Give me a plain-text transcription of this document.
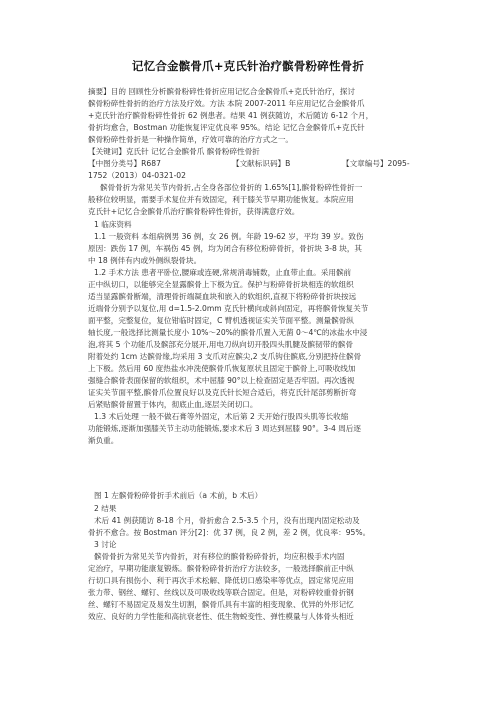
记忆合金髌骨爪+克氏针治疗髌骨粉碎性骨折
摘要】目的 回顾性分析髌骨粉碎性骨折应用记忆合金髌骨爪+克氏针治疗，探讨
髌骨粉碎性骨折的治疗方法及疗效。方法 本院 2007-2011 年应用记忆合金髌骨爪
+克氏针治疗髌骨粉碎性骨折 62 例患者。结果 41 例获随访，术后随访 6-12 个月，
骨折均愈合，Bostman 功能恢复评定优良率 95%。结论 记忆合金髌骨爪+克氏针
髌骨粉碎性骨折是一种操作简单，疗效可靠的治疗方式之一。
【关键词】克氏针 记忆合金髌骨爪 髌骨粉碎性骨折
【中图分类号】R687	【文献标识码】B	【文章编号】2095-
1752（2013）04-0321-02
髌骨骨折为常见关节内骨折,占全身各部位骨折的 1.65%[1],髌骨粉碎性骨折一
般移位较明显，需要手术复位并有效固定，利于膝关节早期功能恢复。本院应用
克氏针+记忆合金髌骨爪治疗髌骨粉碎性骨折，获得满意疗效。
1 临床资料
1.1 一般资料 本组病例男 36 例，女 26 例。年龄 19-62 岁，平均 39 岁。致伤
原因：跌伤 17 例，车祸伤 45 例，均为闭合有移位粉碎骨折，骨折块 3-8 块，其
中 18 例伴有内或外侧纵裂骨块。
1.2 手术方法 患者平卧位,腰麻或连硬,常规消毒铺数，止血带止血。采用髌前
正中纵切口，以能够完全显露髌骨上下极为宜。保护与粉碎骨折块相连的软组织
适当显露髌骨断端，清理骨折端凝血块和嵌入的软组织,直视下将粉碎骨折块按远
近端骨分别予以复位,用 d=1.5-2.0mm 克氏针横向或斜向固定，再将髌骨恢复关节
面平整，完整复位，复位钳临时固定，C 臂机透视证实关节面平整。测量髌骨纵
轴长度,一般选择比测量长度小 10%～20%的髌骨爪置入无菌 0～4℃的冰盐水中浸
泡,将其 5 个功能爪及髌部充分展开,用电刀纵向切开股四头肌腱及髌韧带的髌骨
附着处约 1cm 达髌骨缘,均采用 3 支爪对应髌尖,2 支爪钩住髌底,分别把持住髌骨
上下极。然后用 60 度热盐水冲洗使髌骨爪恢复原状且固定于髌骨上,可吸收线加
强缝合髌骨表面保留的软组织，术中屈膝 90°以上检查固定是否牢固。再次透视
证实关节面平整,髌骨爪位置良好以及克氏针长短合适后，将克氏针尾部剪断折弯
后紧贴髌骨留置于体内，彻底止血,逐层关闭切口。
1.3 术后处理 一般不做石膏等外固定，术后第 2 天开始行股四头肌等长收缩
功能锻炼,逐渐加强膝关节主动功能锻炼,要求术后 3 周达到屈膝 90°。3-4 周后逐
渐负重。
图 1 左髌骨粉碎骨折手术前后（a 术前，b 术后）
2 结果
术后 41 例获随访 8-18 个月，骨折愈合 2.5-3.5 个月，没有出现内固定松动及
骨折不愈合。按 Bostman 评分[2]：优 37 例，良 2 例，差 2 例，优良率：95%。
3 讨论
髌骨骨折为常见关节内骨折，对有移位的髌骨粉碎骨折，均应积极手术内固
定治疗，早期功能康复锻炼。髌骨粉碎骨折治疗方法较多，一般选择髌前正中纵
行切口具有损伤小、利于再次手术松解、降低切口感染率等优点，固定常见应用
张力带、钢丝、螺钉、丝线以及可吸收线等联合固定。但是，对粉碎较重骨折钢
丝、螺钉不易固定及易发生切割，髌骨爪具有丰富的相变现象、优异的外形记忆
效应、良好的力学性能和高抗衰老性、低生物蜕变性、弹性模量与人体骨头相近
